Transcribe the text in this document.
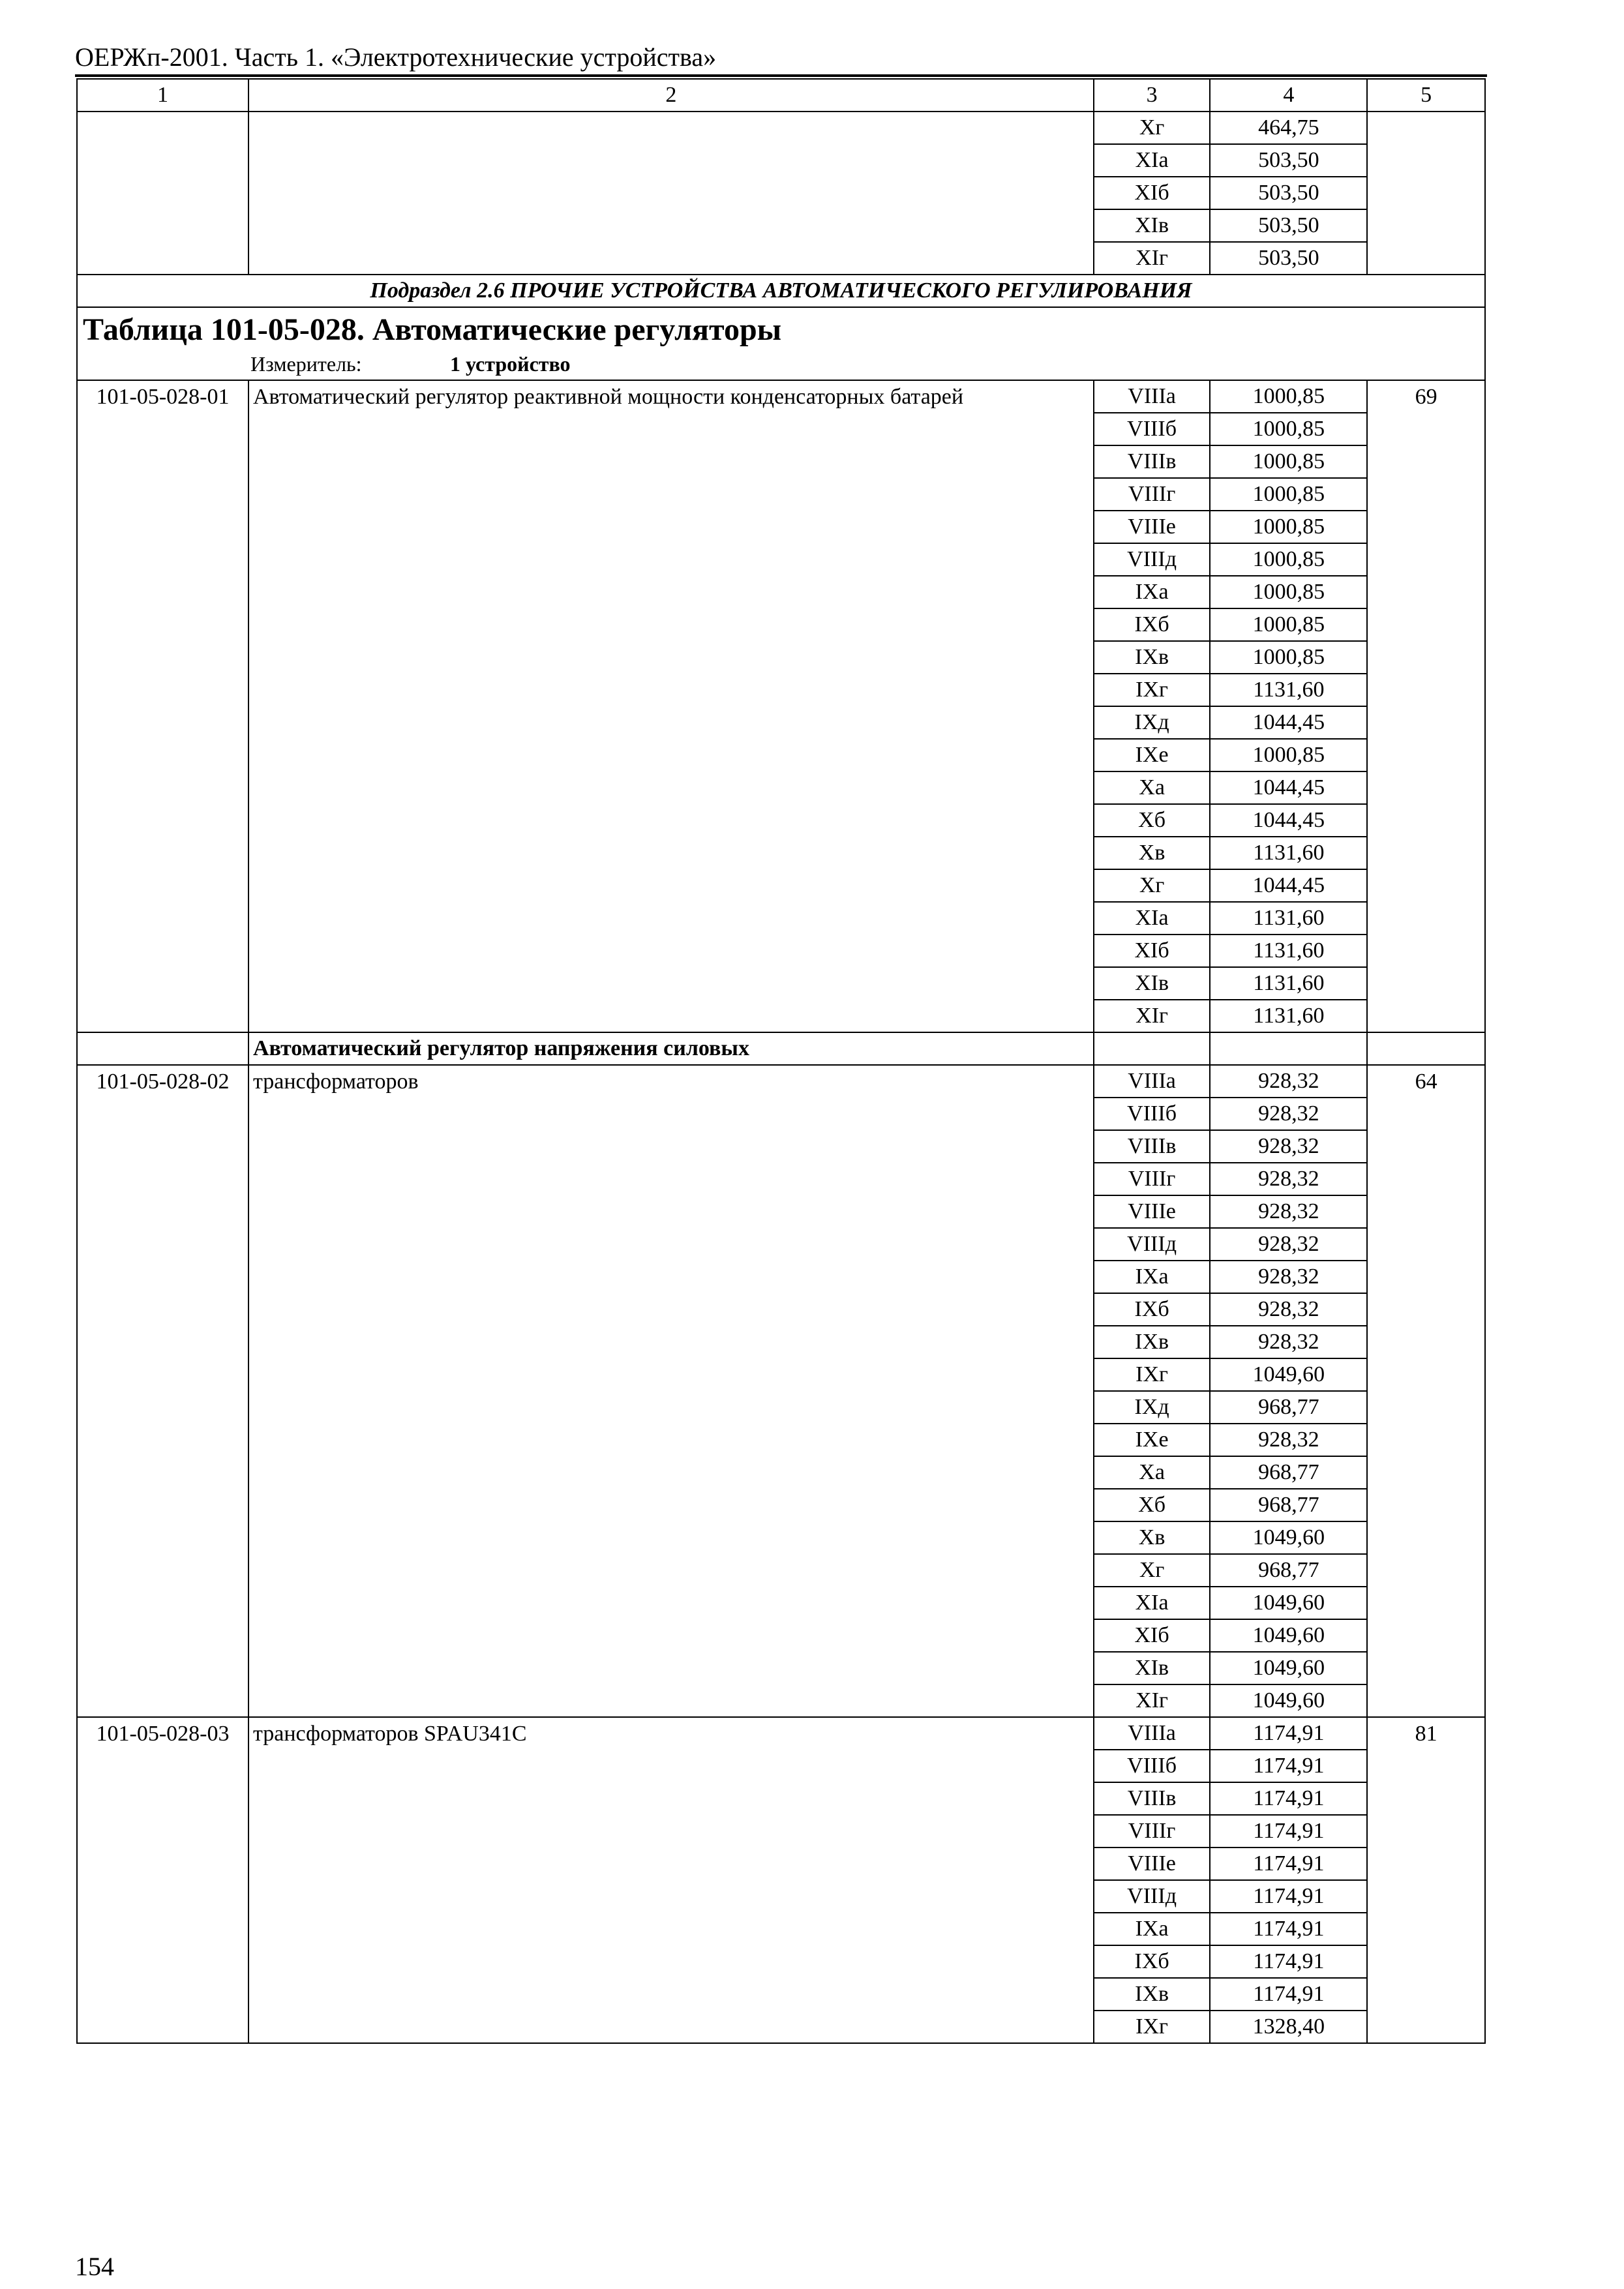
ОЕРЖп-2001. Часть 1. «Электротехнические устройства»
1	2	3	4	5
		Xг	464,75	
		XIа	503,50	
		XIб	503,50	
		XIв	503,50	
		XIг	503,50	
Подраздел 2.6 ПРОЧИЕ УСТРОЙСТВА АВТОМАТИЧЕСКОГО РЕГУЛИРОВАНИЯ				

Таблица 101-05-028. Автоматические регуляторы
Измеритель: 1 устройство				

101-05-028-01	Автоматический регулятор реактивной мощности конденсаторных батарей	VIIIа	1000,85	69
		VIIIб	1000,85	
		VIIIв	1000,85	
		VIIIг	1000,85	
		VIIIе	1000,85	
		VIIIд	1000,85	
		IXа	1000,85	
		IXб	1000,85	
		IXв	1000,85	
		IXг	1131,60	
		IXд	1044,45	
		IXе	1000,85	
		Xа	1044,45	
		Xб	1044,45	
		Xв	1131,60	
		Xг	1044,45	
		XIа	1131,60	
		XIб	1131,60	
		XIв	1131,60	
		XIг	1131,60	
	Автоматический регулятор напряжения силовых			
101-05-028-02	трансформаторов	VIIIа	928,32	64
		VIIIб	928,32	
		VIIIв	928,32	
		VIIIг	928,32	
		VIIIе	928,32	
		VIIIд	928,32	
		IXа	928,32	
		IXб	928,32	
		IXв	928,32	
		IXг	1049,60	
		IXд	968,77	
		IXе	928,32	
		Xа	968,77	
		Xб	968,77	
		Xв	1049,60	
		Xг	968,77	
		XIа	1049,60	
		XIб	1049,60	
		XIв	1049,60	
		XIг	1049,60	
101-05-028-03	трансформаторов SPAU341C	VIIIа	1174,91	81
		VIIIб	1174,91	
		VIIIв	1174,91	
		VIIIг	1174,91	
		VIIIе	1174,91	
		VIIIд	1174,91	
		IXа	1174,91	
		IXб	1174,91	
		IXв	1174,91	
		IXг	1328,40	
154
